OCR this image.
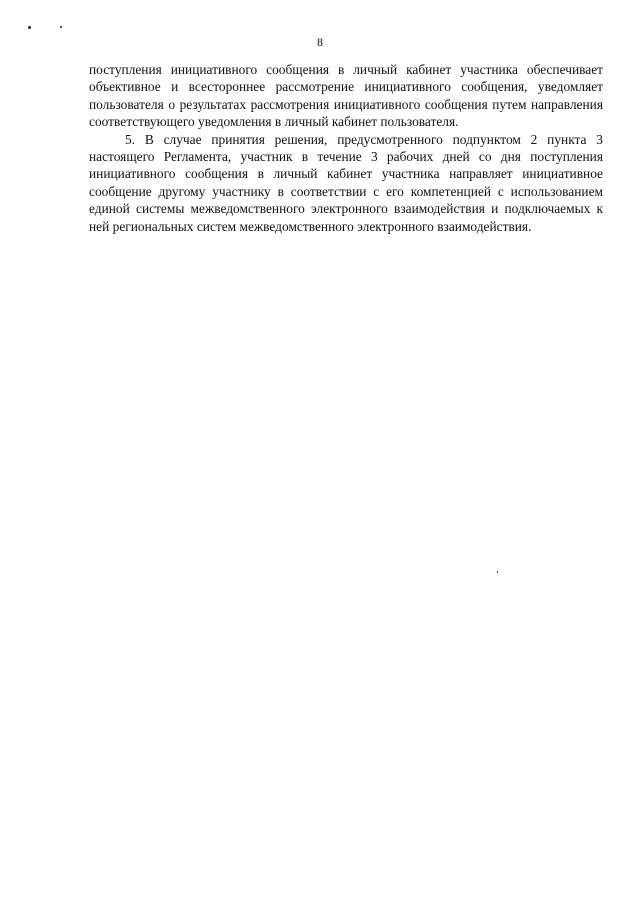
8

поступления инициативного сообщения в личный кабинет участника обеспечивает объективное и всестороннее рассмотрение инициативного сообщения, уведомляет пользователя о результатах рассмотрения инициативного сообщения путем направления соответствующего уведомления в личный кабинет пользователя.

5. В случае принятия решения, предусмотренного подпунктом 2 пункта 3 настоящего Регламента, участник в течение 3 рабочих дней со дня поступления инициативного сообщения в личный кабинет участника направляет инициативное сообщение другому участнику в соответствии с его компетенцией с использованием единой системы межведомственного электронного взаимодействия и подключаемых к ней региональных систем межведомственного электронного взаимодействия.
